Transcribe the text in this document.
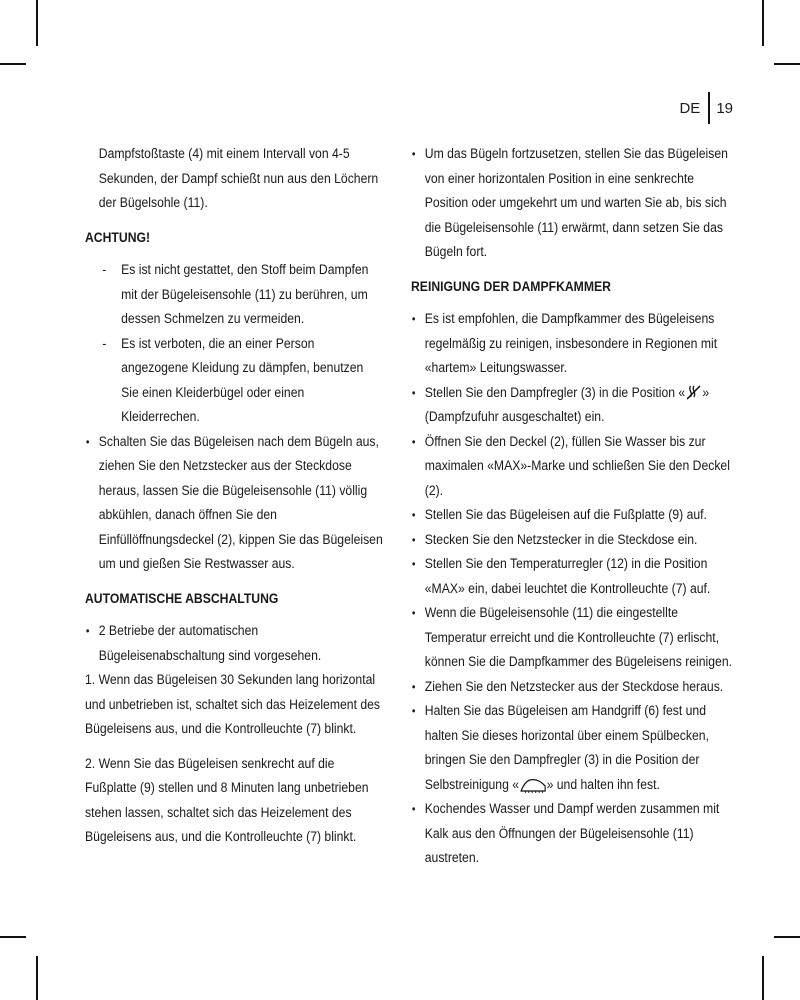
DE 19

Dampfstoßtaste (4) mit einem Intervall von 4-5 Sekunden, der Dampf schießt nun aus den Löchern der Bügelsohle (11).

ACHTUNG!

- Es ist nicht gestattet, den Stoff beim Dampfen mit der Bügeleisensohle (11) zu berühren, um dessen Schmelzen zu vermeiden.

- Es ist verboten, die an einer Person angezogene Kleidung zu dämpfen, benutzen Sie einen Kleiderbügel oder einen Kleiderrechen.

• Schalten Sie das Bügeleisen nach dem Bügeln aus, ziehen Sie den Netzstecker aus der Steckdose heraus, lassen Sie die Bügeleisensohle (11) völlig abkühlen, danach öffnen Sie den Einfüllöffnungsdeckel (2), kippen Sie das Bügeleisen um und gießen Sie Restwasser aus.

AUTOMATISCHE ABSCHALTUNG

• 2 Betriebe der automatischen Bügeleisenabschaltung sind vorgesehen.

1. Wenn das Bügeleisen 30 Sekunden lang horizontal und unbetrieben ist, schaltet sich das Heizelement des Bügeleisens aus, und die Kontrolleuchte (7) blinkt.

2. Wenn Sie das Bügeleisen senkrecht auf die Fußplatte (9) stellen und 8 Minuten lang unbetrieben stehen lassen, schaltet sich das Heizelement des Bügeleisens aus, und die Kontrolleuchte (7) blinkt.

• Um das Bügeln fortzusetzen, stellen Sie das Bügeleisen von einer horizontalen Position in eine senkrechte Position oder umgekehrt um und warten Sie ab, bis sich die Bügeleisensohle (11) erwärmt, dann setzen Sie das Bügeln fort.

REINIGUNG DER DAMPFKAMMER

• Es ist empfohlen, die Dampfkammer des Bügeleisens regelmäßig zu reinigen, insbesondere in Regionen mit «hartem» Leitungswasser.

• Stellen Sie den Dampfregler (3) in die Position « »
(Dampfzufuhr ausgeschaltet) ein.

• Öffnen Sie den Deckel (2), füllen Sie Wasser bis zur maximalen «MAX»-Marke und schließen Sie den Deckel (2).

• Stellen Sie das Bügeleisen auf die Fußplatte (9) auf.

• Stecken Sie den Netzstecker in die Steckdose ein.

• Stellen Sie den Temperaturregler (12) in die Position «MAX» ein, dabei leuchtet die Kontrolleuchte (7) auf.

• Wenn die Bügeleisensohle (11) die eingestellte Temperatur erreicht und die Kontrolleuchte (7) erlischt, können Sie die Dampfkammer des Bügeleisens reinigen.

• Ziehen Sie den Netzstecker aus der Steckdose heraus.

• Halten Sie das Bügeleisen am Handgriff (6) fest und halten Sie dieses horizontal über einem Spülbecken, bringen Sie den Dampfregler (3) in die Position der
Selbstreinigung « » und halten ihn fest.

• Kochendes Wasser und Dampf werden zusammen mit Kalk aus den Öffnungen der Bügeleisensohle (11) austreten.
